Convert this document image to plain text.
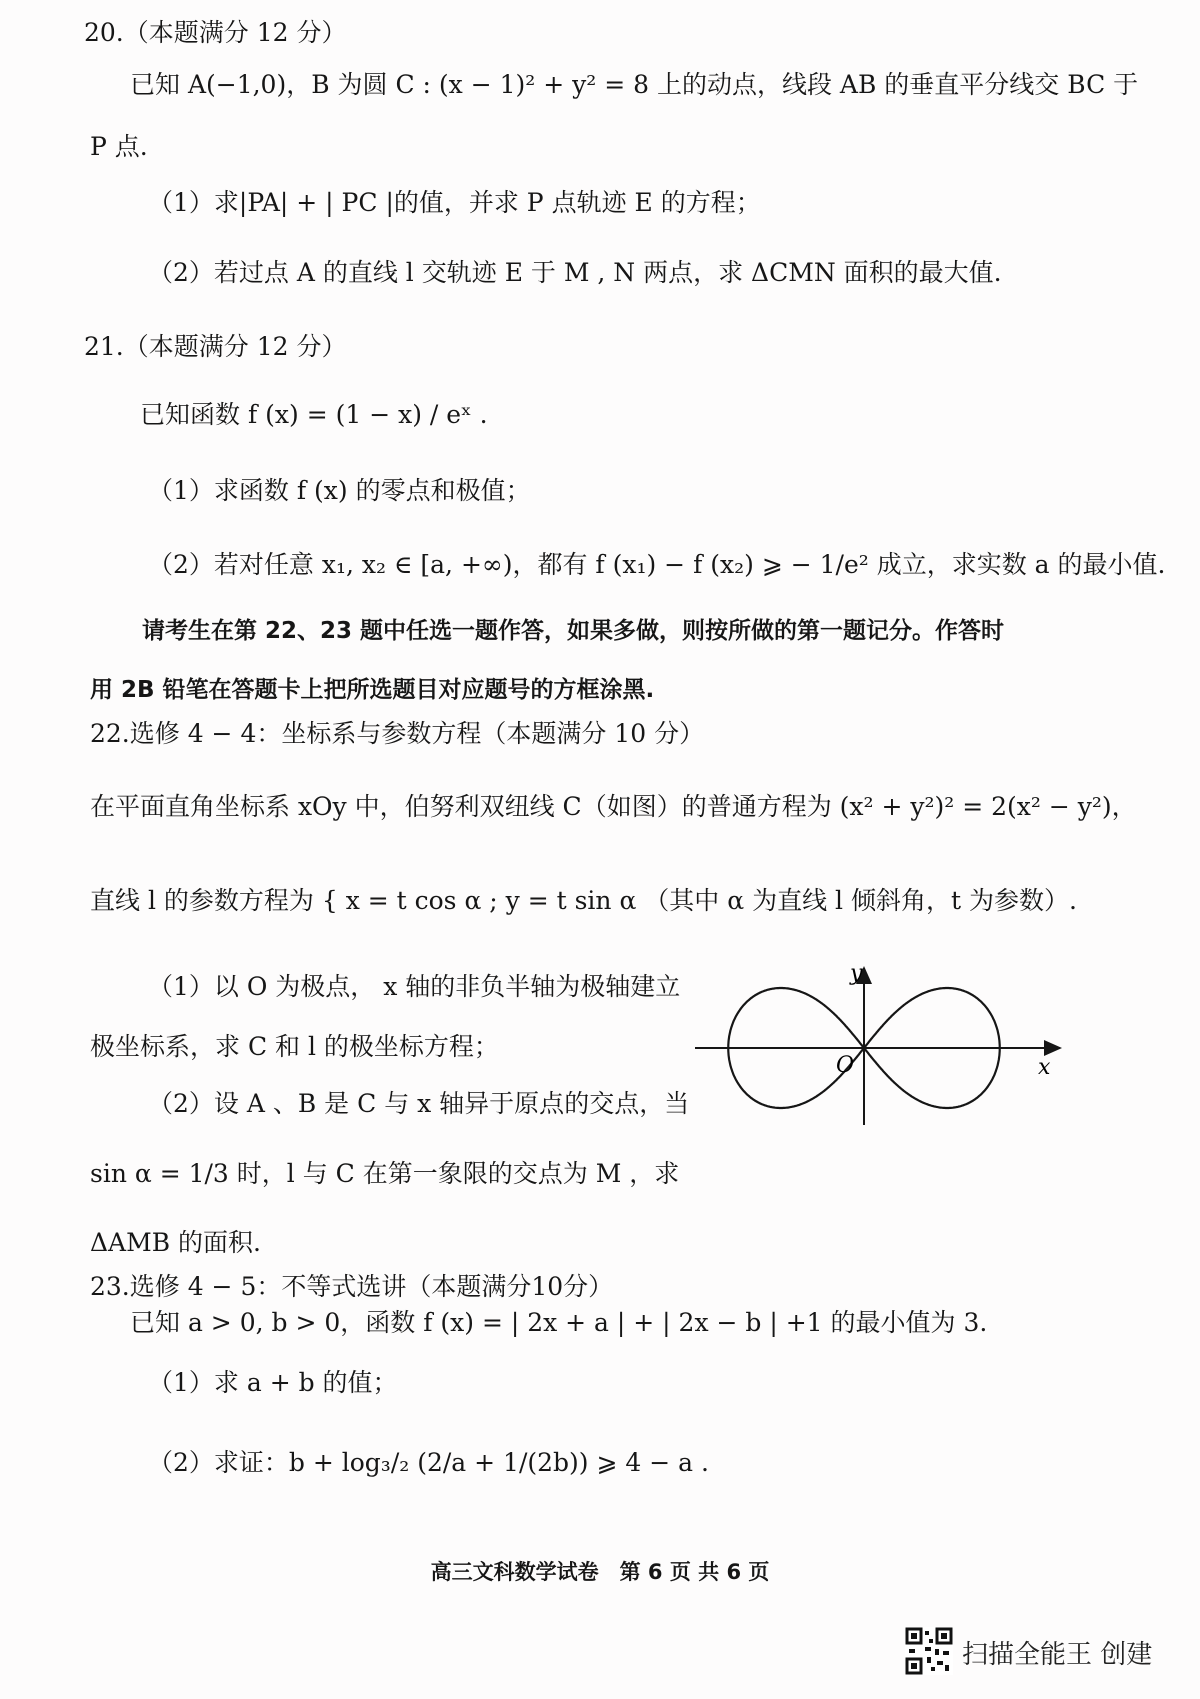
20.（本题满分 12 分）
已知 A(−1,0)，B 为圆 C : (x − 1)² + y² = 8 上的动点，线段 AB 的垂直平分线交 BC 于
P 点.
（1）求|PA| + | PC |的值，并求 P 点轨迹 E 的方程；
（2）若过点 A 的直线 l 交轨迹 E 于 M , N 两点，求 ΔCMN 面积的最大值.
21.（本题满分 12 分）
已知函数 f (x) = (1 − x) / eˣ .
（1）求函数 f (x) 的零点和极值；
（2）若对任意 x₁, x₂ ∈ [a, +∞)，都有 f (x₁) − f (x₂) ⩾ − 1/e² 成立，求实数 a 的最小值.
请考生在第 22、23 题中任选一题作答，如果多做，则按所做的第一题记分。作答时
用 2B 铅笔在答题卡上把所选题目对应题号的方框涂黑.
22.选修 4 − 4：坐标系与参数方程（本题满分 10 分）
在平面直角坐标系 xOy 中，伯努利双纽线 C（如图）的普通方程为 (x² + y²)² = 2(x² − y²)，
直线 l 的参数方程为 { x = t cos α ; y = t sin α （其中 α 为直线 l 倾斜角，t 为参数）.
（1）以 O 为极点， x 轴的非负半轴为极轴建立
极坐标系，求 C 和 l 的极坐标方程；
（2）设 A 、B 是 C 与 x 轴异于原点的交点，当
sin α = 1/3 时，l 与 C 在第一象限的交点为 M ，求
ΔAMB 的面积.
23.选修 4 − 5：不等式选讲（本题满分10分）
已知 a > 0, b > 0，函数 f (x) = | 2x + a | + | 2x − b | +1 的最小值为 3.
（1）求 a + b 的值；
（2）求证：b + log₃/₂ (2/a + 1/(2b)) ⩾ 4 − a .
y
x
O
高三文科数学试卷　第 6 页 共 6 页
扫描全能王 创建
